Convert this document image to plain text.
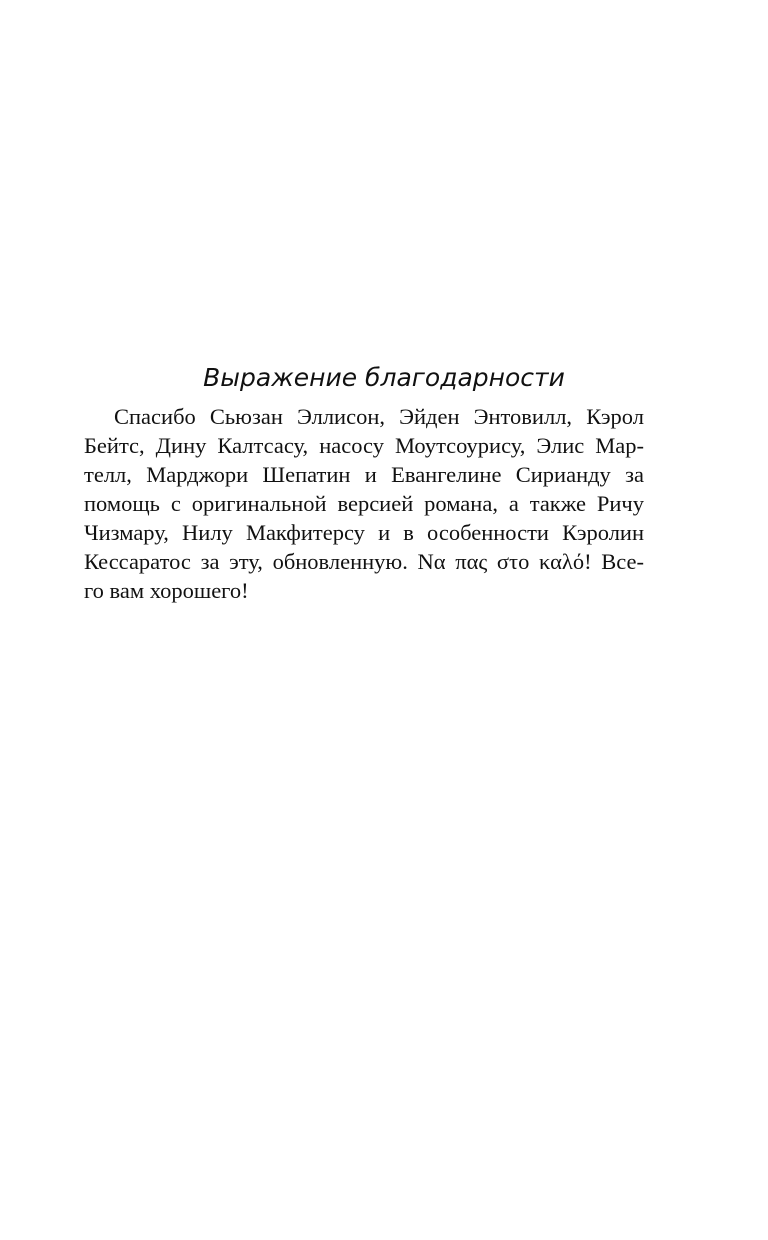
Выражение благодарности
Спасибо Сьюзан Эллисон, Эйден Энтовилл, Кэрол
Бейтс, Дину Калтсасу, насосу Моутсоурису, Элис Мар-
телл, Марджори Шепатин и Евангелине Сирианду за
помощь с оригинальной версией романа, а также Ричу
Чизмару, Нилу Макфитерсу и в особенности Кэролин
Кессаратос за эту, обновленную. Να πας στο καλό! Все-
го вам хорошего!
